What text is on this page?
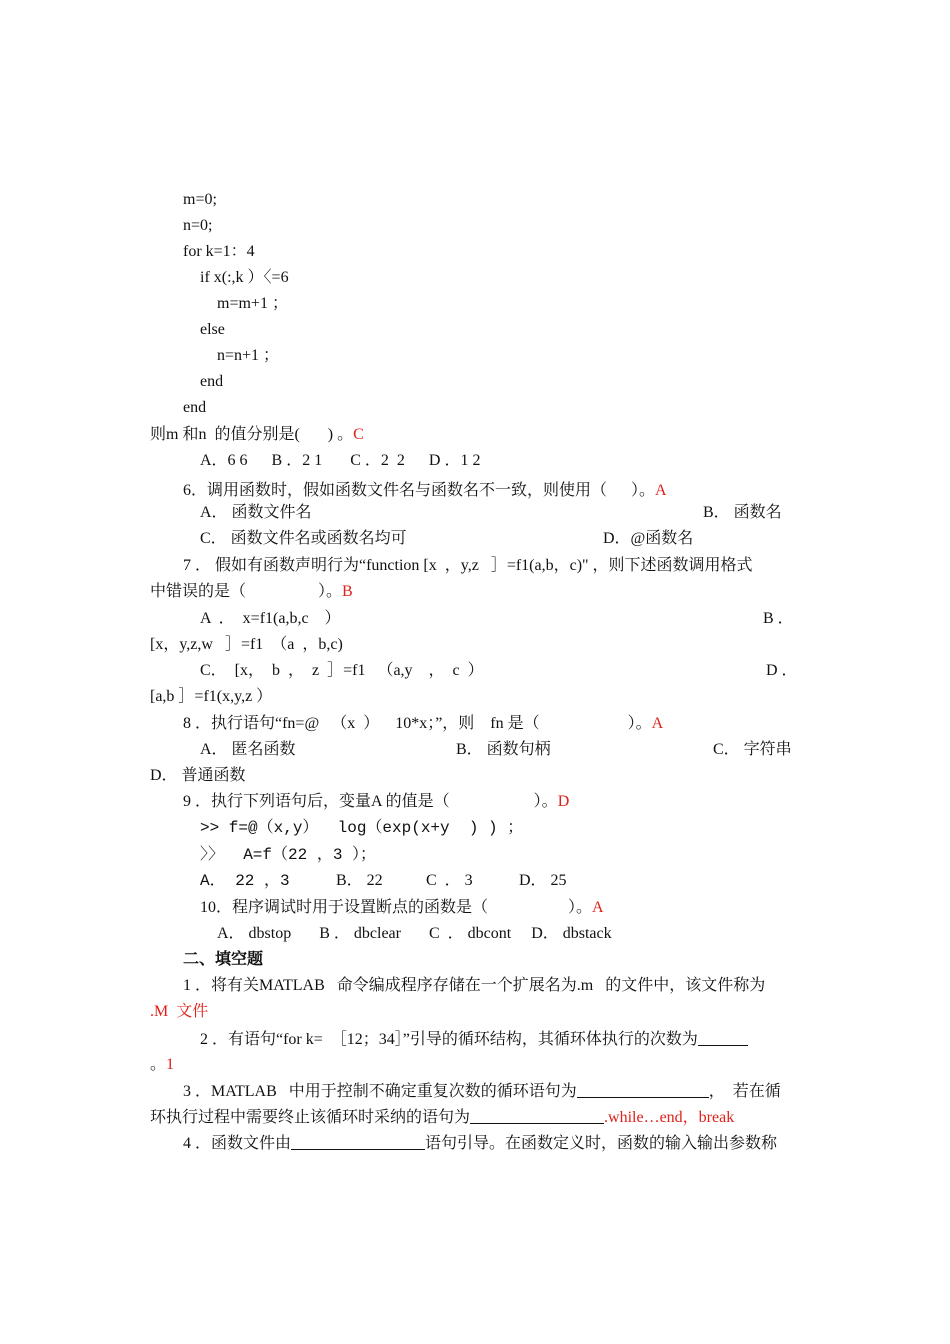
m=0;
n=0;
for k=1：4
if x(:,k ）〈=6
m=m+1 ；
else
n=n+1 ；
end
end
则m 和n  的值分别是(       ) 。C
A．6 6      B ．2 1       C ．2  2      D ．1 2
6．调用函数时，假如函数文件名与函数名不一致，则使用（      ）。A
A． 函数文件名	B． 函数名
C． 函数文件名或函数名均可	D．@函数名
7 ． 假如有函数声明行为“function [x  ，y,z   ］=f1(a,b，c)" ，则下述函数调用格式
中错误的是（                  ）。B
A  ．  x=f1(a,b,c    ）	B ．
[x，y,z,w   ］=f1  （a  ，b,c)
C．  [x，  b  ，  z  ］=f1   （a,y    ，  c  ）	D ．
[a,b ］=f1(x,y,z ）
8 ．执行语句“fn=@   （x  ）    10*x；”，则    fn 是（                      ）。A
A． 匿名函数	B． 函数句柄	C． 字符串
D． 普通函数
9 ．执行下列语句后，变量A 的值是（                     ）。D
>> f=@（x,y）  log（exp(x+y  ) ) ；
〉〉  A=f（22 ，3 ）；
A． 22 ，3	B． 22	C  ． 3	D． 25
10．程序调试时用于设置断点的函数是（                    ）。A
A． dbstop       B ． dbclear       C  ． dbcont     D． dbstack
二、填空题
1 ．将有关MATLAB   命令编成程序存储在一个扩展名为.m   的文件中，该文件称为
.M  文件
2 ．有语句“for k=  ［12；34］”引导的循环结构，其循环体执行的次数为
。1
3 ．MATLAB   中用于控制不确定重复次数的循环语句为	，  若在循
环执行过程中需要终止该循环时采纳的语句为	.while…end，break
4 ．函数文件由	语句引导。在函数定义时，函数的输入输出参数称
